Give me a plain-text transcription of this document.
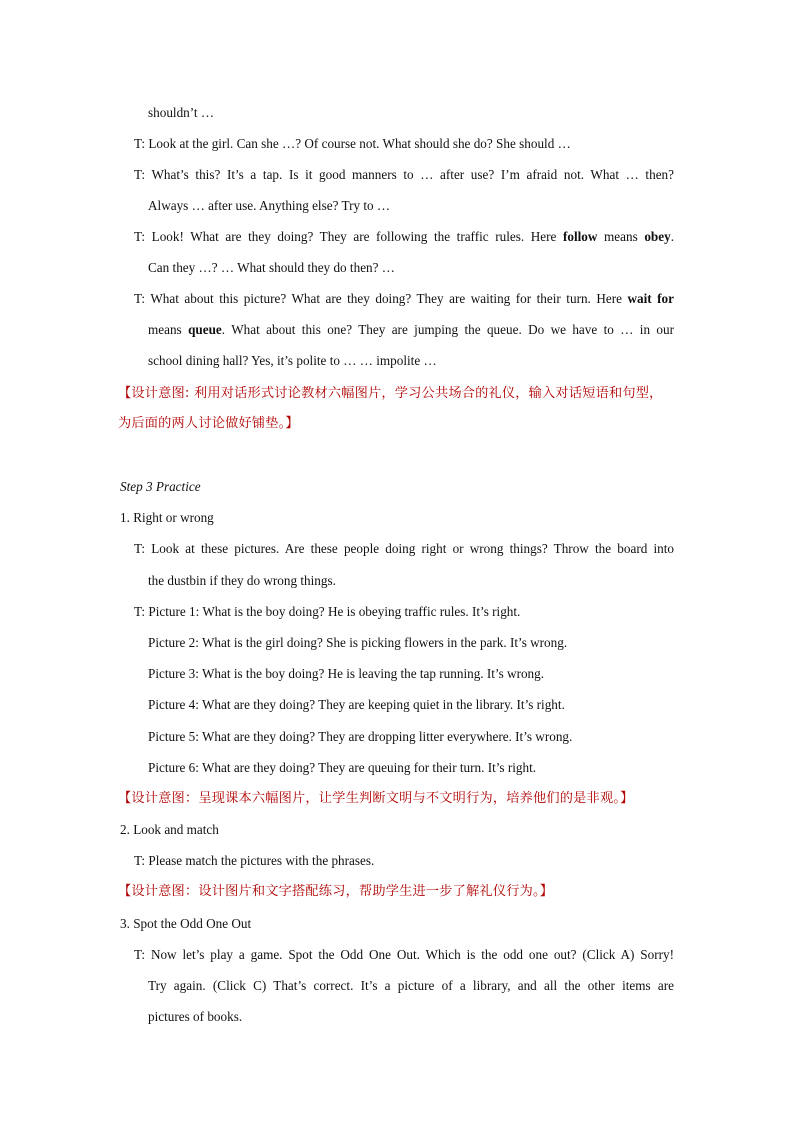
shouldn’t …
T: Look at the girl. Can she …? Of course not. What should she do? She should …
T: What’s this? It’s a tap. Is it good manners to … after use? I’m afraid not. What … then?
Always … after use. Anything else? Try to …
T: Look! What are they doing? They are following the traffic rules. Here follow means obey.
Can they …? … What should they do then? …
T: What about this picture? What are they doing? They are waiting for their turn. Here wait for
means queue. What about this one? They are jumping the queue. Do we have to … in our
school dining hall? Yes, it’s polite to … … impolite …
【设计意图: 利用对话形式讨论教材六幅图片，学习公共场合的礼仪，输入对话短语和句型，
为后面的两人讨论做好铺垫。】
Step 3 Practice
1. Right or wrong
T: Look at these pictures. Are these people doing right or wrong things? Throw the board into
the dustbin if they do wrong things.
T: Picture 1: What is the boy doing? He is obeying traffic rules. It’s right.
Picture 2: What is the girl doing? She is picking flowers in the park. It’s wrong.
Picture 3: What is the boy doing? He is leaving the tap running. It’s wrong.
Picture 4: What are they doing? They are keeping quiet in the library. It’s right.
Picture 5: What are they doing? They are dropping litter everywhere. It’s wrong.
Picture 6: What are they doing? They are queuing for their turn. It’s right.
【设计意图：呈现课本六幅图片，让学生判断文明与不文明行为，培养他们的是非观。】
2. Look and match
T: Please match the pictures with the phrases.
【设计意图：设计图片和文字搭配练习，帮助学生进一步了解礼仪行为。】
3. Spot the Odd One Out
T: Now let’s play a game. Spot the Odd One Out. Which is the odd one out? (Click A) Sorry!
Try again. (Click C) That’s correct. It’s a picture of a library, and all the other items are
pictures of books.
